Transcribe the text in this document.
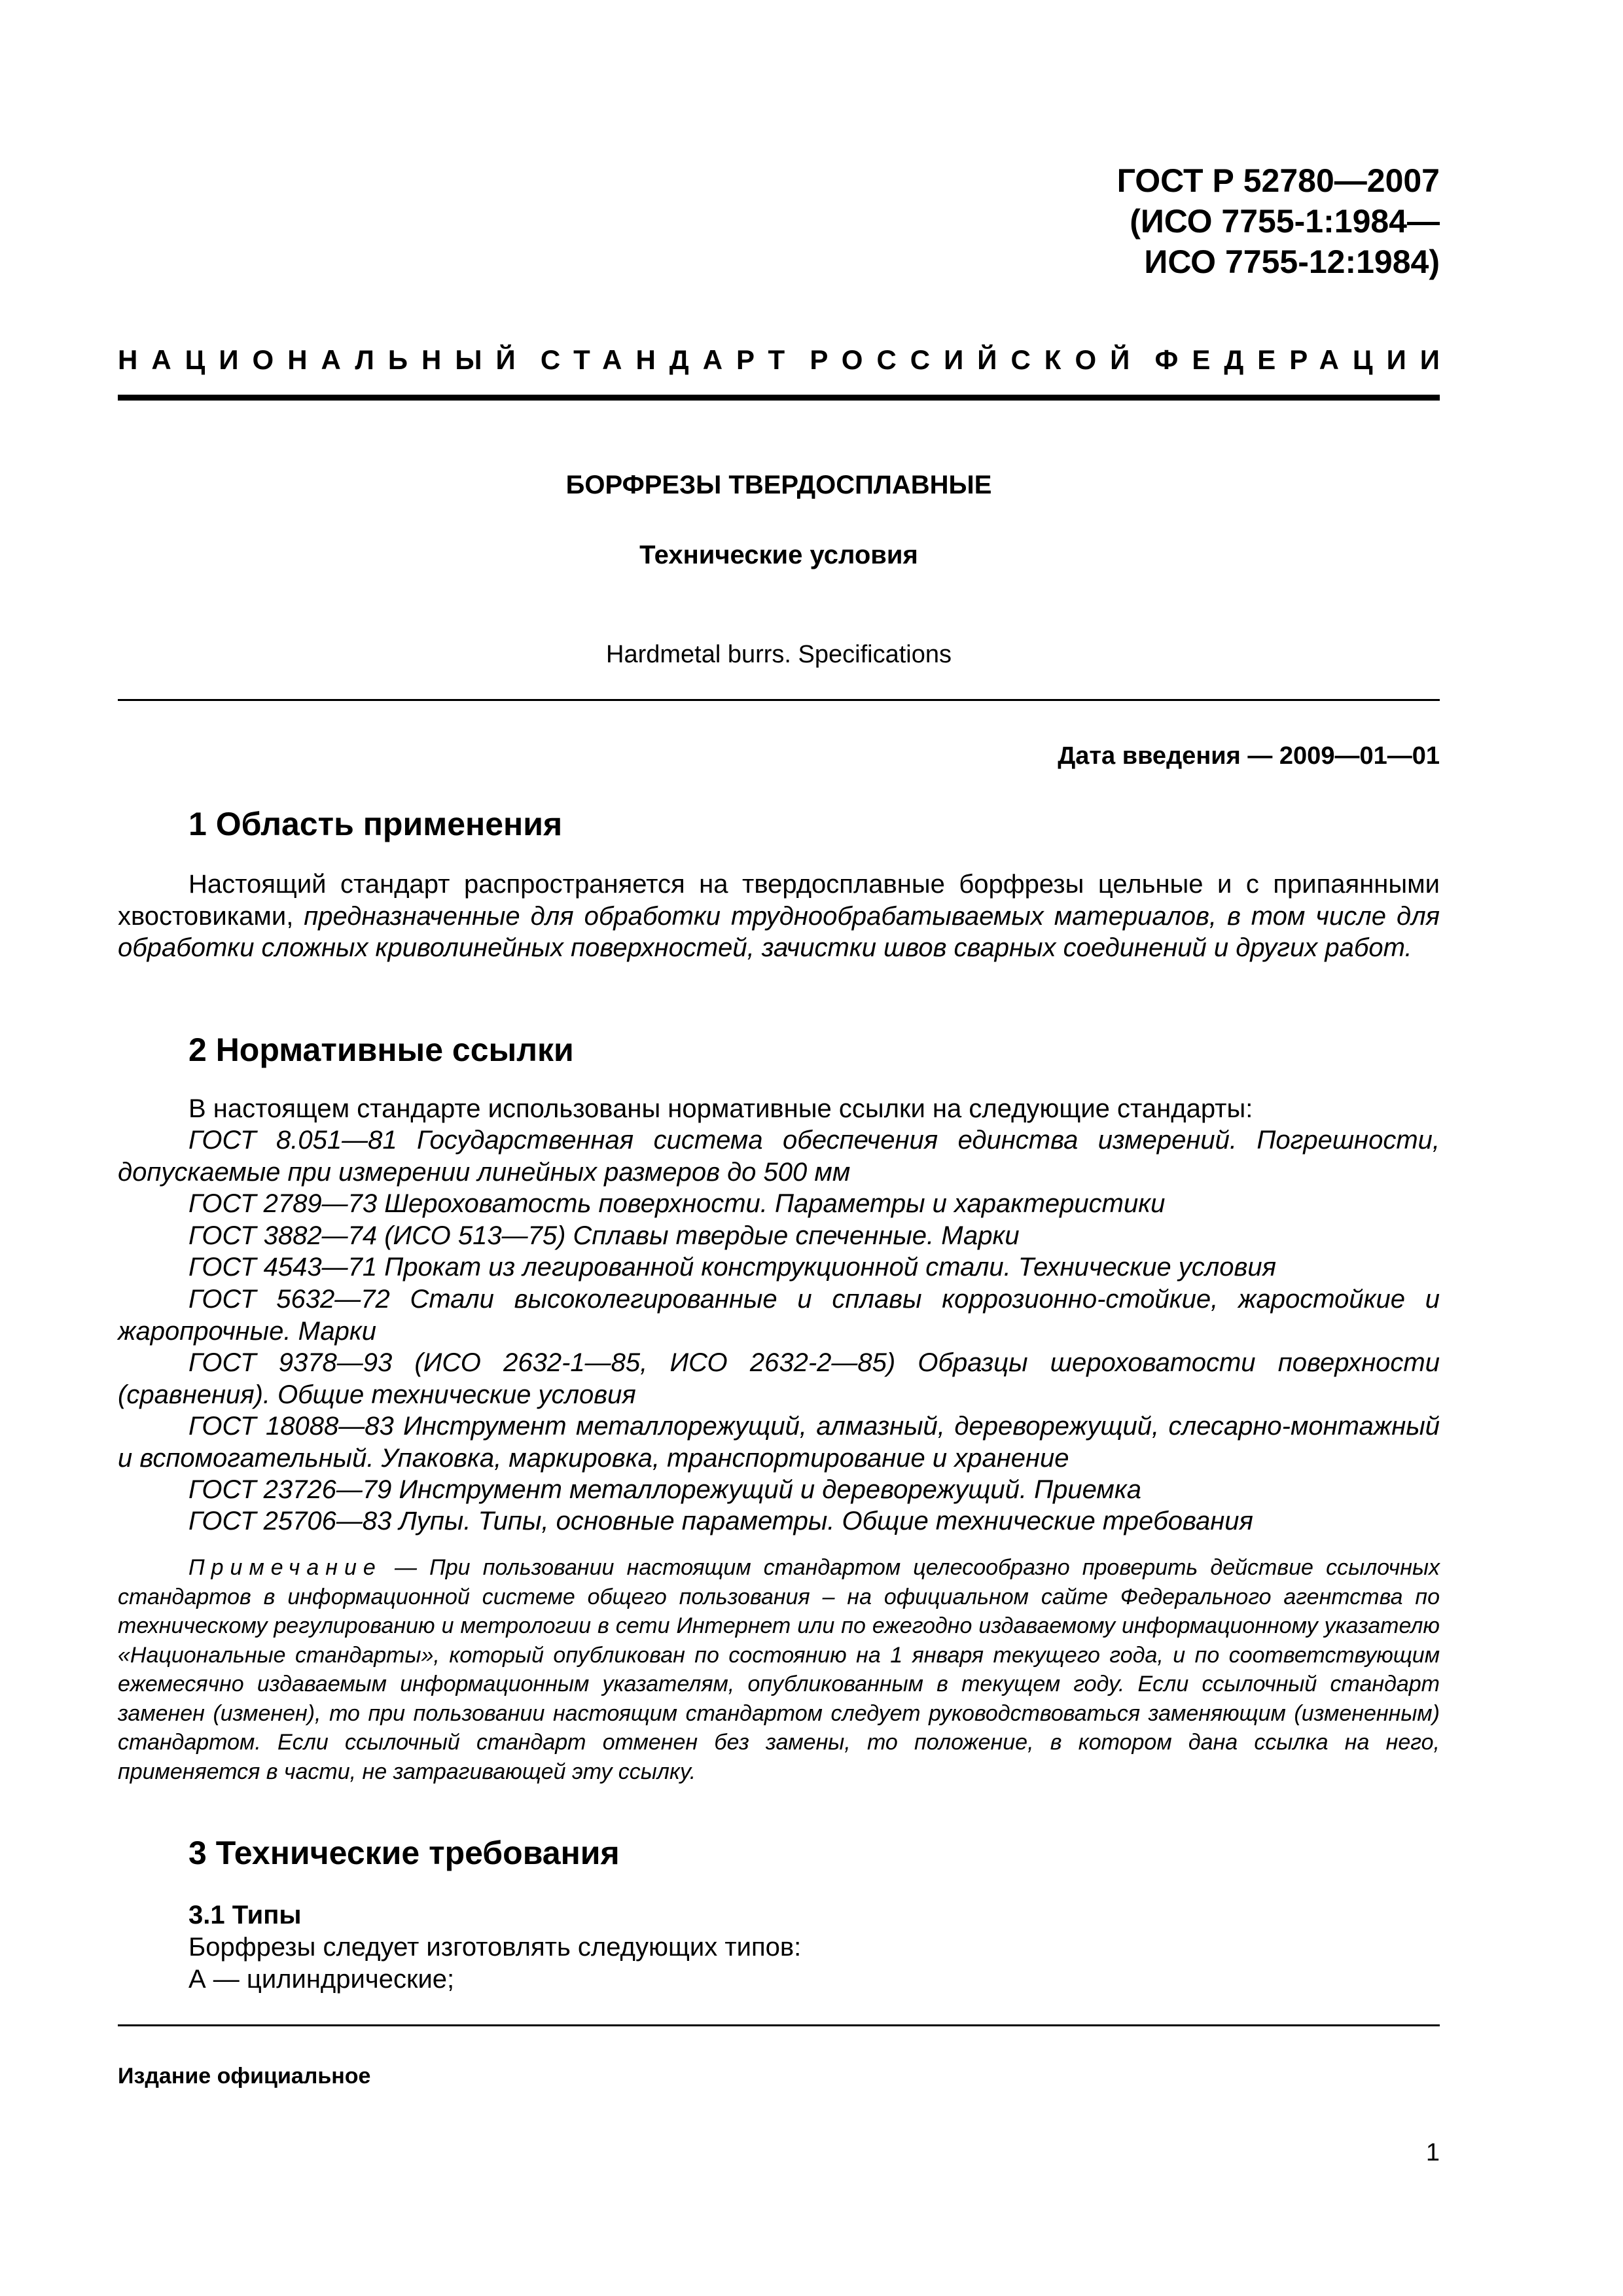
ГОСТ Р 52780—2007
(ИСО 7755-1:1984—
ИСО 7755-12:1984)
НАЦИОНАЛЬНЫЙ СТАНДАРТ РОССИЙСКОЙ ФЕДЕРАЦИИ
БОРФРЕЗЫ ТВЕРДОСПЛАВНЫЕ
Технические условия
Hardmetal burrs. Specifications
Дата введения — 2009—01—01
1 Область применения
Настоящий стандарт распространяется на твердосплавные борфрезы цельные и с припаянными хвостовиками, предназначенные для обработки труднообрабатываемых материалов, в том числе для обработки сложных криволинейных поверхностей, зачистки швов сварных соединений и других работ.
2 Нормативные ссылки
В настоящем стандарте использованы нормативные ссылки на следующие стандарты:
ГОСТ 8.051—81 Государственная система обеспечения единства измерений. Погрешности, допускаемые при измерении линейных размеров до 500 мм
ГОСТ 2789—73 Шероховатость поверхности. Параметры и характеристики
ГОСТ 3882—74 (ИСО 513—75) Сплавы твердые спеченные. Марки
ГОСТ 4543—71 Прокат из легированной конструкционной стали. Технические условия
ГОСТ 5632—72 Стали высоколегированные и сплавы коррозионно-стойкие, жаростойкие и жаропрочные. Марки
ГОСТ 9378—93 (ИСО 2632-1—85, ИСО 2632-2—85) Образцы шероховатости поверхности (сравнения). Общие технические условия
ГОСТ 18088—83 Инструмент металлорежущий, алмазный, дереворежущий, слесарно-монтажный и вспомогательный. Упаковка, маркировка, транспортирование и хранение
ГОСТ 23726—79 Инструмент металлорежущий и дереворежущий. Приемка
ГОСТ 25706—83 Лупы. Типы, основные параметры. Общие технические требования
Примечание — При пользовании настоящим стандартом целесообразно проверить действие ссылочных стандартов в информационной системе общего пользования – на официальном сайте Федерального агентства по техническому регулированию и метрологии в сети Интернет или по ежегодно издаваемому информационному указателю «Национальные стандарты», который опубликован по состоянию на 1 января текущего года, и по соответствующим ежемесячно издаваемым информационным указателям, опубликованным в текущем году. Если ссылочный стандарт заменен (изменен), то при пользовании настоящим стандартом следует руководствоваться заменяющим (измененным) стандартом. Если ссылочный стандарт отменен без замены, то положение, в котором дана ссылка на него, применяется в части, не затрагивающей эту ссылку.
3 Технические требования
3.1 Типы
Борфрезы следует изготовлять следующих типов:
А — цилиндрические;
Издание официальное
1
